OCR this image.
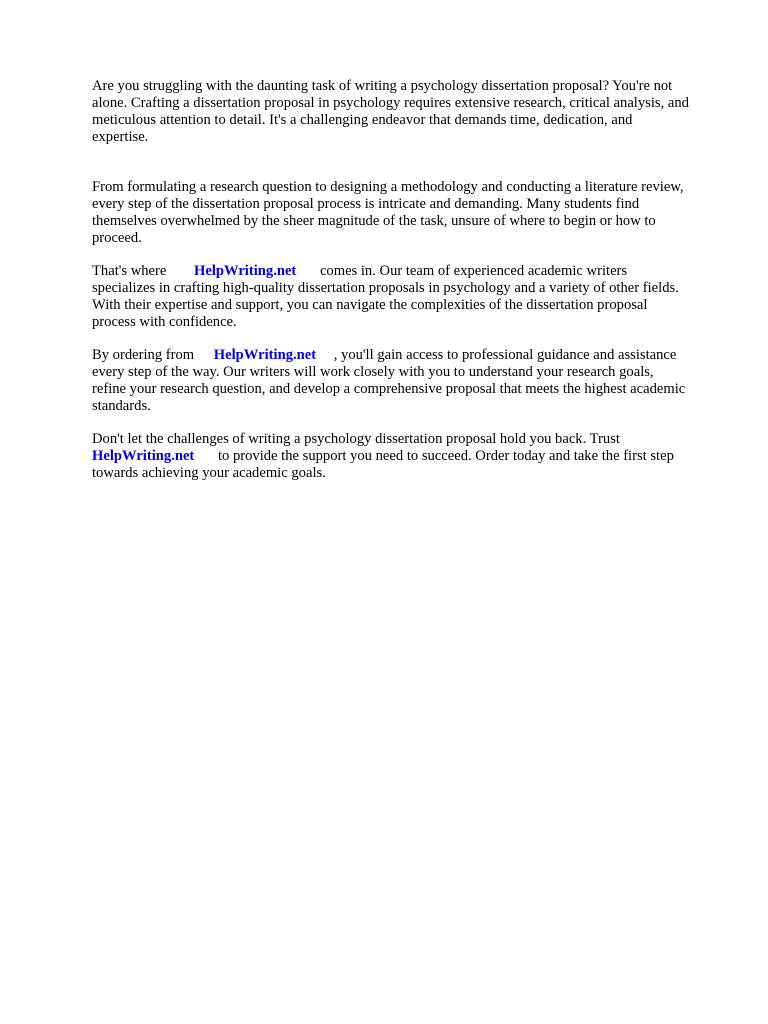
Are you struggling with the daunting task of writing a psychology dissertation proposal? You're not
alone. Crafting a dissertation proposal in psychology requires extensive research, critical analysis, and
meticulous attention to detail. It's a challenging endeavor that demands time, dedication, and
expertise.

From formulating a research question to designing a methodology and conducting a literature review,
every step of the dissertation proposal process is intricate and demanding. Many students find
themselves overwhelmed by the sheer magnitude of the task, unsure of where to begin or how to
proceed.

That's where HelpWriting.net comes in. Our team of experienced academic writers
specializes in crafting high-quality dissertation proposals in psychology and a variety of other fields.
With their expertise and support, you can navigate the complexities of the dissertation proposal
process with confidence.

By ordering from HelpWriting.net , you'll gain access to professional guidance and assistance
every step of the way. Our writers will work closely with you to understand your research goals,
refine your research question, and develop a comprehensive proposal that meets the highest academic
standards.

Don't let the challenges of writing a psychology dissertation proposal hold you back. Trust
HelpWriting.net to provide the support you need to succeed. Order today and take the first step
towards achieving your academic goals.
